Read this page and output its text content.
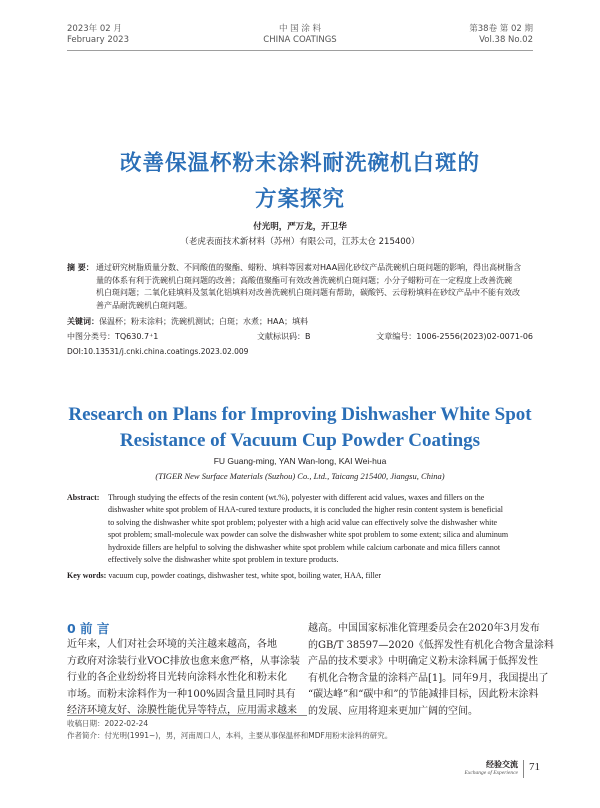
2023年 02 月
February 2023
中 国 涂 料
CHINA COATINGS
第38卷 第 02 期
Vol.38 No.02
改善保温杯粉末涂料耐洗碗机白斑的
方案探究
付光明，严万龙，开卫华
（老虎表面技术新材料（苏州）有限公司，江苏太仓 215400）
摘 要： 通过研究树脂质量分数、不同酸值的聚酯、蜡粉、填料等因素对HAA固化砂纹产品洗碗机白斑问题的影响，得出高树脂含
量的体系有利于洗碗机白斑问题的改善；高酸值聚酯可有效改善洗碗机白斑问题；小分子蜡粉可在一定程度上改善洗碗
机白斑问题；二氧化硅填料及氢氧化铝填料对改善洗碗机白斑问题有帮助，碳酸钙、云母粉填料在砂纹产品中不能有效改
善产品耐洗碗机白斑问题。
关键词：保温杯；粉末涂料；洗碗机测试；白斑；水煮；HAA；填料
中图分类号：TQ630.7⁺1	文献标识码：B	文章编号：1006-2556(2023)02-0071-06
DOI:10.13531/j.cnki.china.coatings.2023.02.009
Research on Plans for Improving Dishwasher White Spot
Resistance of Vacuum Cup Powder Coatings
FU Guang-ming, YAN Wan-long, KAI Wei-hua
(TIGER New Surface Materials (Suzhou) Co., Ltd., Taicang 215400, Jiangsu, China)
Abstract:	Through studying the effects of the resin content (wt.%), polyester with different acid values, waxes and fillers on the
dishwasher white spot problem of HAA-cured texture products, it is concluded the higher resin content system is beneficial
to solving the dishwasher white spot problem; polyester with a high acid value can effectively solve the dishwasher white
spot problem; small-molecule wax powder can solve the dishwasher white spot problem to some extent; silica and aluminum
hydroxide fillers are helpful to solving the dishwasher white spot problem while calcium carbonate and mica fillers cannot
effectively solve the dishwasher white spot problem in texture products.
Key words: vacuum cup, powder coatings, dishwasher test, white spot, boiling water, HAA, filler
0 前 言
近年来，人们对社会环境的关注越来越高，各地
方政府对涂装行业VOC排放也愈来愈严格，从事涂装
行业的各企业纷纷将目光转向涂料水性化和粉末化
市场。而粉末涂料作为一种100%固含量且同时具有
经济环境友好、涂膜性能优异等特点，应用需求越来
越高。中国国家标准化管理委员会在2020年3月发布
的GB/T 38597—2020《低挥发性有机化合物含量涂料
产品的技术要求》中明确定义粉末涂料属于低挥发性
有机化合物含量的涂料产品[1]。同年9月，我国提出了
“碳达峰”和“碳中和”的节能减排目标，因此粉末涂料
的发展、应用将迎来更加广阔的空间。
收稿日期：2022-02-24
作者简介：付光明(1991~)，男，河南周口人，本科，主要从事保温杯和MDF用粉末涂料的研究。
经验交流
Exchange of Experience 71
